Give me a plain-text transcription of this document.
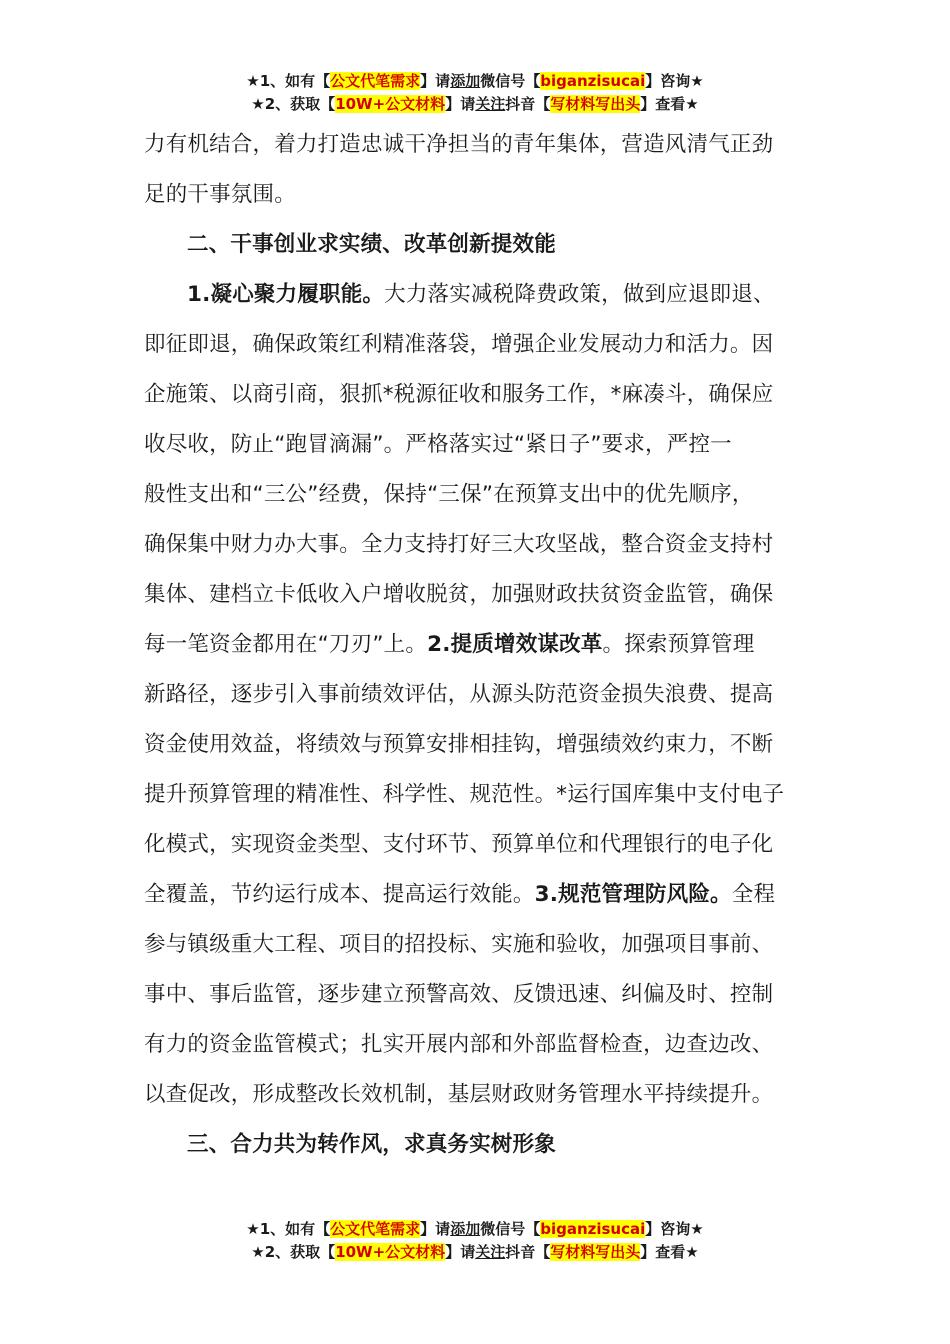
★1、如有【公文代笔需求】请添加微信号【biganzisucai】咨询★
★2、获取【10W+公文材料】请关注抖音【写材料写出头】查看★
力有机结合，着力打造忠诚干净担当的青年集体，营造风清气正劲
足的干事氛围。
二、干事创业求实绩、改革创新提效能
1.凝心聚力履职能。大力落实减税降费政策，做到应退即退、
即征即退，确保政策红利精准落袋，增强企业发展动力和活力。因
企施策、以商引商，狠抓*税源征收和服务工作，*麻凑斗，确保应
收尽收，防止“跑冒滴漏”。严格落实过“紧日子”要求，严控一
般性支出和“三公”经费，保持“三保”在预算支出中的优先顺序，
确保集中财力办大事。全力支持打好三大攻坚战，整合资金支持村
集体、建档立卡低收入户增收脱贫，加强财政扶贫资金监管，确保
每一笔资金都用在“刀刃”上。2.提质增效谋改革。探索预算管理
新路径，逐步引入事前绩效评估，从源头防范资金损失浪费、提高
资金使用效益，将绩效与预算安排相挂钩，增强绩效约束力，不断
提升预算管理的精准性、科学性、规范性。*运行国库集中支付电子
化模式，实现资金类型、支付环节、预算单位和代理银行的电子化
全覆盖，节约运行成本、提高运行效能。3.规范管理防风险。全程
参与镇级重大工程、项目的招投标、实施和验收，加强项目事前、
事中、事后监管，逐步建立预警高效、反馈迅速、纠偏及时、控制
有力的资金监管模式；扎实开展内部和外部监督检查，边查边改、
以查促改，形成整改长效机制，基层财政财务管理水平持续提升。
三、合力共为转作风，求真务实树形象
★1、如有【公文代笔需求】请添加微信号【biganzisucai】咨询★
★2、获取【10W+公文材料】请关注抖音【写材料写出头】查看★
